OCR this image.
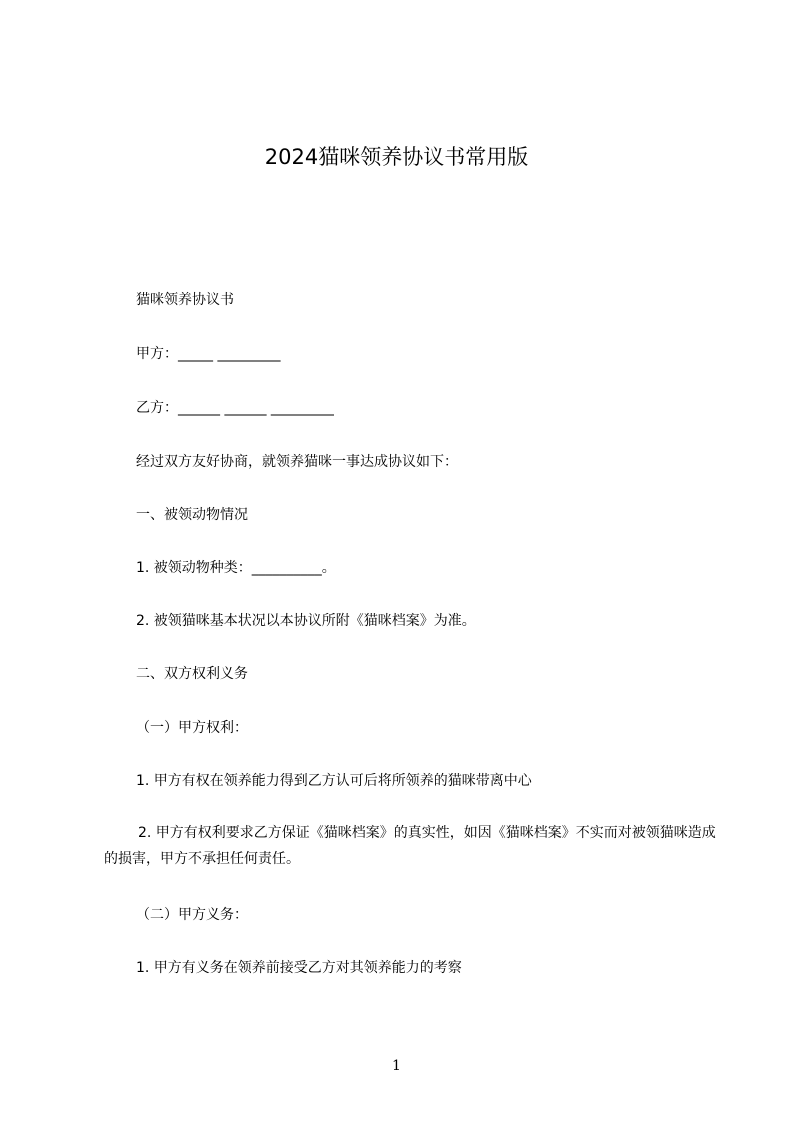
2024猫咪领养协议书常用版

猫咪领养协议书

甲方：_____ _________

乙方：______ ______ _________

经过双方友好协商，就领养猫咪一事达成协议如下：

一、被领动物情况

1. 被领动物种类：__________。

2. 被领猫咪基本状况以本协议所附《猫咪档案》为准。

二、双方权利义务

（一）甲方权利：

1. 甲方有权在领养能力得到乙方认可后将所领养的猫咪带离中心

2. 甲方有权利要求乙方保证《猫咪档案》的真实性，如因《猫咪档案》不实而对被领猫咪造成的损害，甲方不承担任何责任。

（二）甲方义务：

1. 甲方有义务在领养前接受乙方对其领养能力的考察

1
